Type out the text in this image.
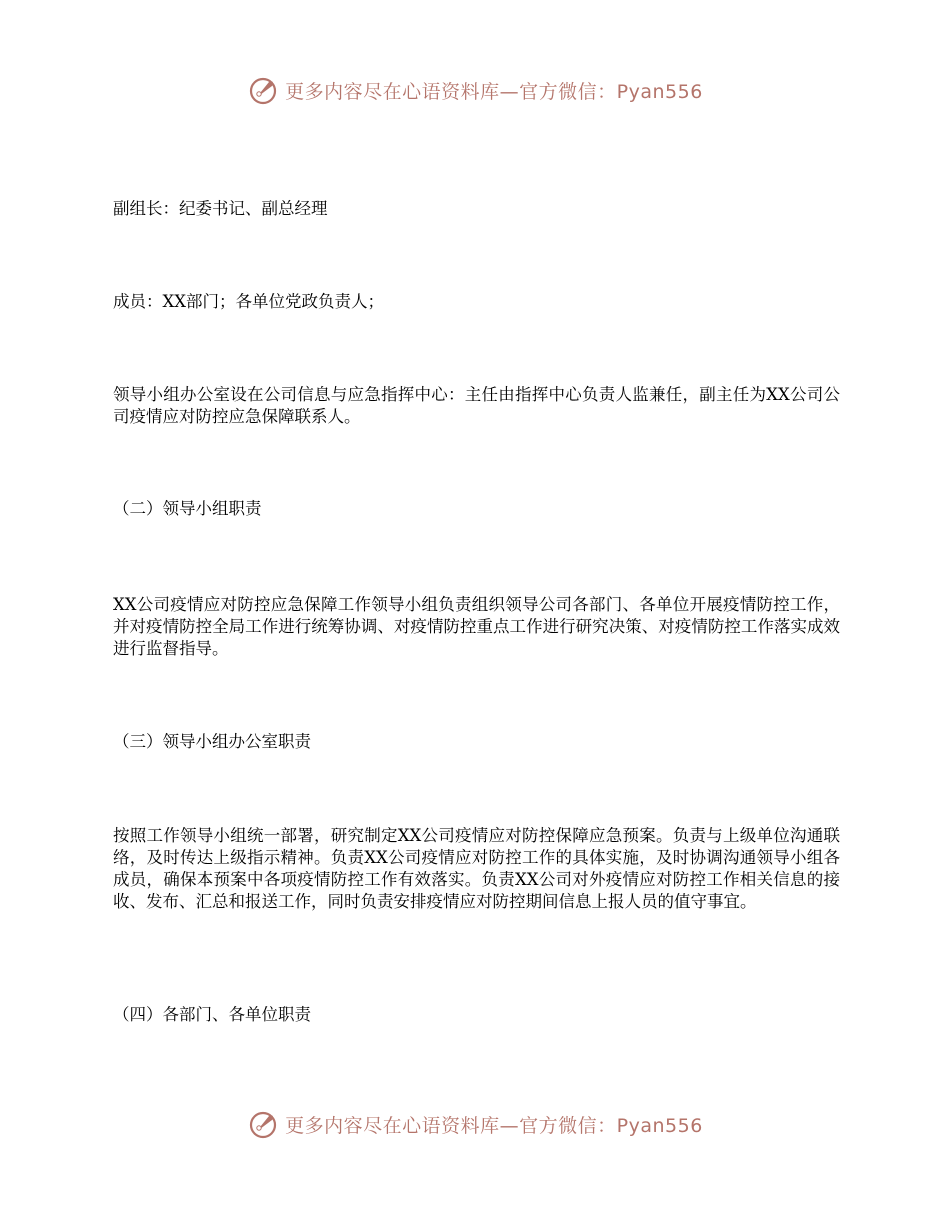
更多内容尽在心语资料库—官方微信：Pyan556

副组长：纪委书记、副总经理

成员：XX部门；各单位党政负责人；

领导小组办公室设在公司信息与应急指挥中心：主任由指挥中心负责人监兼任，副主任为XX公司公司疫情应对防控应急保障联系人。

（二）领导小组职责

XX公司疫情应对防控应急保障工作领导小组负责组织领导公司各部门、各单位开展疫情防控工作，并对疫情防控全局工作进行统筹协调、对疫情防控重点工作进行研究决策、对疫情防控工作落实成效进行监督指导。

（三）领导小组办公室职责

按照工作领导小组统一部署，研究制定XX公司疫情应对防控保障应急预案。负责与上级单位沟通联络，及时传达上级指示精神。负责XX公司疫情应对防控工作的具体实施，及时协调沟通领导小组各成员，确保本预案中各项疫情防控工作有效落实。负责XX公司对外疫情应对防控工作相关信息的接收、发布、汇总和报送工作，同时负责安排疫情应对防控期间信息上报人员的值守事宜。

（四）各部门、各单位职责

更多内容尽在心语资料库—官方微信：Pyan556
